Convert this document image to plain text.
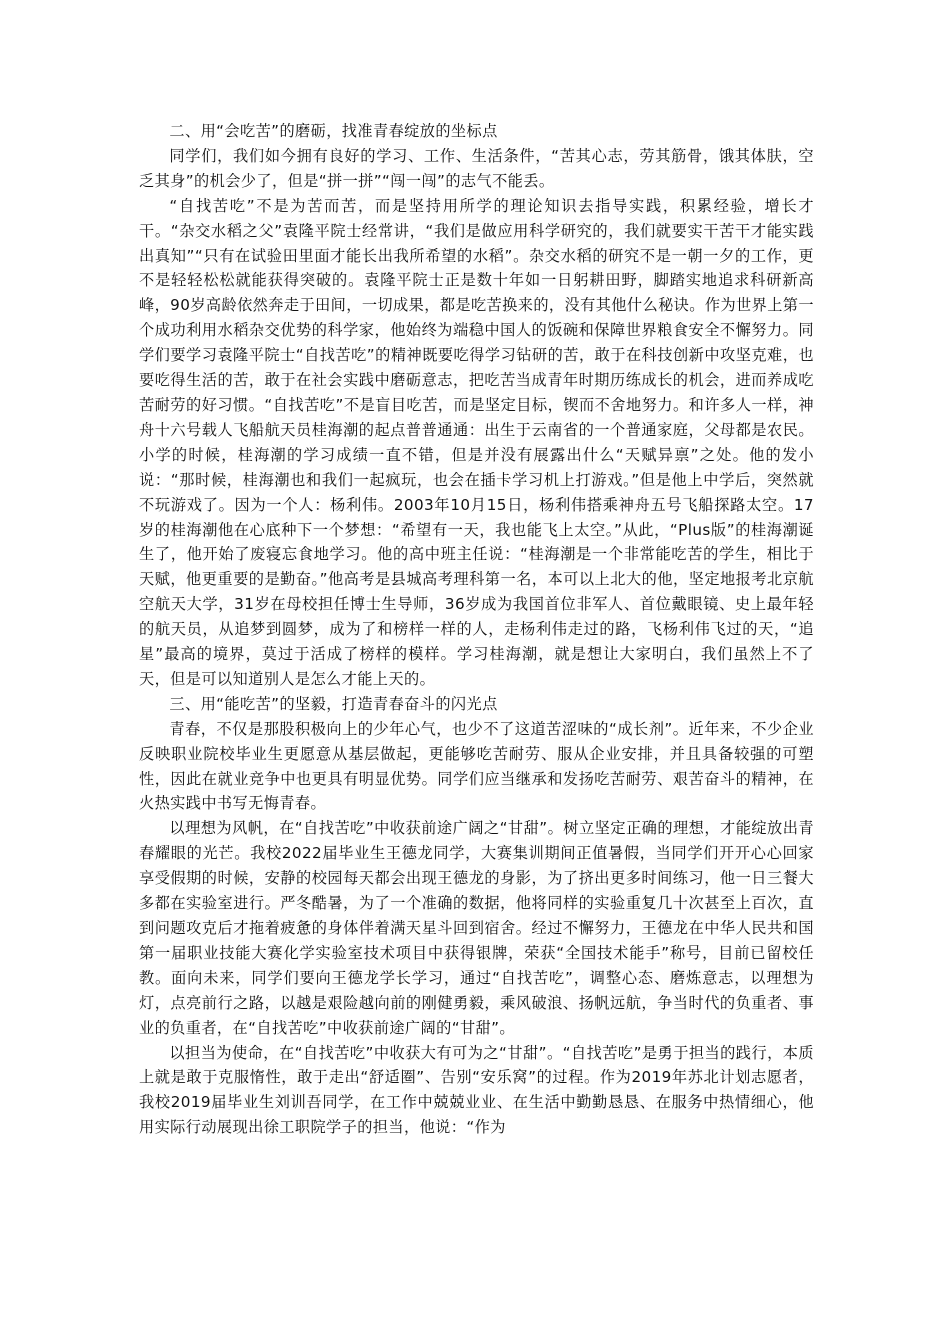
二、用“会吃苦”的磨砺，找准青春绽放的坐标点

同学们，我们如今拥有良好的学习、工作、生活条件，“苦其心志，劳其筋骨，饿其体肤，空乏其身”的机会少了，但是“拼一拼”“闯一闯”的志气不能丢。

“自找苦吃”不是为苦而苦，而是坚持用所学的理论知识去指导实践，积累经验，增长才干。“杂交水稻之父”袁隆平院士经常讲，“我们是做应用科学研究的，我们就要实干苦干才能实践出真知”“只有在试验田里面才能长出我所希望的水稻”。杂交水稻的研究不是一朝一夕的工作，更不是轻轻松松就能获得突破的。袁隆平院士正是数十年如一日躬耕田野，脚踏实地追求科研新高峰，90岁高龄依然奔走于田间，一切成果，都是吃苦换来的，没有其他什么秘诀。作为世界上第一个成功利用水稻杂交优势的科学家，他始终为端稳中国人的饭碗和保障世界粮食安全不懈努力。同学们要学习袁隆平院士“自找苦吃”的精神既要吃得学习钻研的苦，敢于在科技创新中攻坚克难，也要吃得生活的苦，敢于在社会实践中磨砺意志，把吃苦当成青年时期历练成长的机会，进而养成吃苦耐劳的好习惯。“自找苦吃”不是盲目吃苦，而是坚定目标，锲而不舍地努力。和许多人一样，神舟十六号载人飞船航天员桂海潮的起点普普通通：出生于云南省的一个普通家庭，父母都是农民。小学的时候，桂海潮的学习成绩一直不错，但是并没有展露出什么“天赋异禀”之处。他的发小说：“那时候，桂海潮也和我们一起疯玩，也会在插卡学习机上打游戏。”但是他上中学后，突然就不玩游戏了。因为一个人：杨利伟。2003年10月15日，杨利伟搭乘神舟五号飞船探路太空。17岁的桂海潮他在心底种下一个梦想：“希望有一天，我也能飞上太空。”从此，“Plus版”的桂海潮诞生了，他开始了废寝忘食地学习。他的高中班主任说：“桂海潮是一个非常能吃苦的学生，相比于天赋，他更重要的是勤奋。”他高考是县城高考理科第一名，本可以上北大的他，坚定地报考北京航空航天大学，31岁在母校担任博士生导师，36岁成为我国首位非军人、首位戴眼镜、史上最年轻的航天员，从追梦到圆梦，成为了和榜样一样的人，走杨利伟走过的路，飞杨利伟飞过的天，“追星”最高的境界，莫过于活成了榜样的模样。学习桂海潮，就是想让大家明白，我们虽然上不了天，但是可以知道别人是怎么才能上天的。

三、用“能吃苦”的坚毅，打造青春奋斗的闪光点

青春，不仅是那股积极向上的少年心气，也少不了这道苦涩味的“成长剂”。近年来，不少企业反映职业院校毕业生更愿意从基层做起，更能够吃苦耐劳、服从企业安排，并且具备较强的可塑性，因此在就业竞争中也更具有明显优势。同学们应当继承和发扬吃苦耐劳、艰苦奋斗的精神，在火热实践中书写无悔青春。

以理想为风帆，在“自找苦吃”中收获前途广阔之“甘甜”。树立坚定正确的理想，才能绽放出青春耀眼的光芒。我校2022届毕业生王德龙同学，大赛集训期间正值暑假，当同学们开开心心回家享受假期的时候，安静的校园每天都会出现王德龙的身影，为了挤出更多时间练习，他一日三餐大多都在实验室进行。严冬酷暑，为了一个准确的数据，他将同样的实验重复几十次甚至上百次，直到问题攻克后才拖着疲惫的身体伴着满天星斗回到宿舍。经过不懈努力，王德龙在中华人民共和国第一届职业技能大赛化学实验室技术项目中获得银牌，荣获“全国技术能手”称号，目前已留校任教。面向未来，同学们要向王德龙学长学习，通过“自找苦吃”，调整心态、磨炼意志，以理想为灯，点亮前行之路，以越是艰险越向前的刚健勇毅，乘风破浪、扬帆远航，争当时代的负重者、事业的负重者，在“自找苦吃”中收获前途广阔的“甘甜”。

以担当为使命，在“自找苦吃”中收获大有可为之“甘甜”。“自找苦吃”是勇于担当的践行，本质上就是敢于克服惰性，敢于走出“舒适圈”、告别“安乐窝”的过程。作为2019年苏北计划志愿者，我校2019届毕业生刘训吾同学，在工作中兢兢业业、在生活中勤勤恳恳、在服务中热情细心，他用实际行动展现出徐工职院学子的担当，他说：“作为
